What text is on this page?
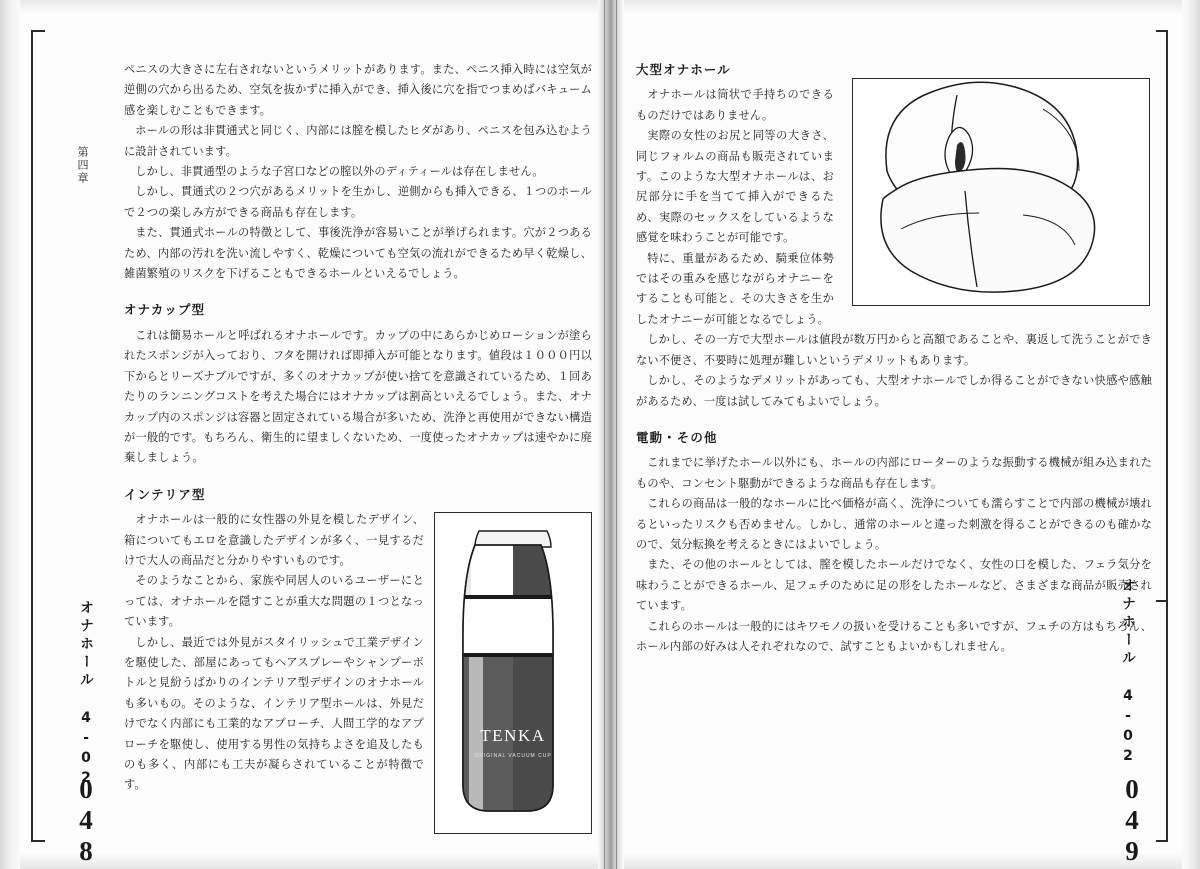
第四章
オナホール 4-02
048

ペニスの大きさに左右されないというメリットがあります。また、ペニス挿入時には空気が逆側の穴から出るため、空気を抜かずに挿入ができ、挿入後に穴を指でつまめばバキューム感を楽しむこともできます。

ホールの形は非貫通式と同じく、内部には膣を模したヒダがあり、ペニスを包み込むように設計されています。

しかし、非貫通型のような子宮口などの膣以外のディティールは存在しません。

しかし、貫通式の２つ穴があるメリットを生かし、逆側からも挿入できる、１つのホールで２つの楽しみ方ができる商品も存在します。

また、貫通式ホールの特徴として、事後洗浄が容易いことが挙げられます。穴が２つあるため、内部の汚れを洗い流しやすく、乾燥についても空気の流れができるため早く乾燥し、雑菌繁殖のリスクを下げることもできるホールといえるでしょう。

オナカップ型

これは簡易ホールと呼ばれるオナホールです。カップの中にあらかじめローションが塗られたスポンジが入っており、フタを開ければ即挿入が可能となります。値段は１０００円以下からとリーズナブルですが、多くのオナカップが使い捨てを意識されているため、１回あたりのランニングコストを考えた場合にはオナカップは割高といえるでしょう。また、オナカップ内のスポンジは容器と固定されている場合が多いため、洗浄と再使用ができない構造が一般的です。もちろん、衛生的に望ましくないため、一度使ったオナカップは速やかに廃棄しましょう。

インテリア型

オナホールは一般的に女性器の外見を模したデザイン、箱についてもエロを意識したデザインが多く、一見するだけで大人の商品だと分かりやすいものです。

そのようなことから、家族や同居人のいるユーザーにとっては、オナホールを隠すことが重大な問題の１つとなっています。

しかし、最近では外見がスタイリッシュで工業デザインを駆使した、部屋にあってもヘアスプレーやシャンプーボトルと見紛うばかりのインテリア型デザインのオナホールも多いもの。そのような、インテリア型ホールは、外見だけでなく内部にも工業的なアプローチ、人間工学的なアプローチを駆使し、使用する男性の気持ちよさを追及したものも多く、内部にも工夫が凝らされていることが特徴です。

TENKA
ORIGINAL VACUUM CUP	オナホール 4-02
049
大型オナホール

オナホールは筒状で手持ちのできるものだけではありません。

実際の女性のお尻と同等の大きさ、同じフォルムの商品も販売されています。このような大型オナホールは、お尻部分に手を当てて挿入ができるため、実際のセックスをしているような感覚を味わうことが可能です。

特に、重量があるため、騎乗位体勢ではその重みを感じながらオナニーをすることも可能と、その大きさを生かしたオナニーが可能となるでしょう。

しかし、その一方で大型ホールは値段が数万円からと高額であることや、裏返して洗うことができない不便さ、不要時に処理が難しいというデメリットもあります。

しかし、そのようなデメリットがあっても、大型オナホールでしか得ることができない快感や感触があるため、一度は試してみてもよいでしょう。

電動・その他

これまでに挙げたホール以外にも、ホールの内部にローターのような振動する機械が組み込まれたものや、コンセント駆動ができるような商品も存在します。

これらの商品は一般的なホールに比べ価格が高く、洗浄についても濡らすことで内部の機械が壊れるといったリスクも否めません。しかし、通常のホールと違った刺激を得ることができるのも確かなので、気分転換を考えるときにはよいでしょう。

また、その他のホールとしては、膣を模したホールだけでなく、女性の口を模した、フェラ気分を味わうことができるホール、足フェチのために足の形をしたホールなど、さまざまな商品が販売されています。

これらのホールは一般的にはキワモノの扱いを受けることも多いですが、フェチの方はもちろん、ホール内部の好みは人それぞれなので、試すこともよいかもしれません。
